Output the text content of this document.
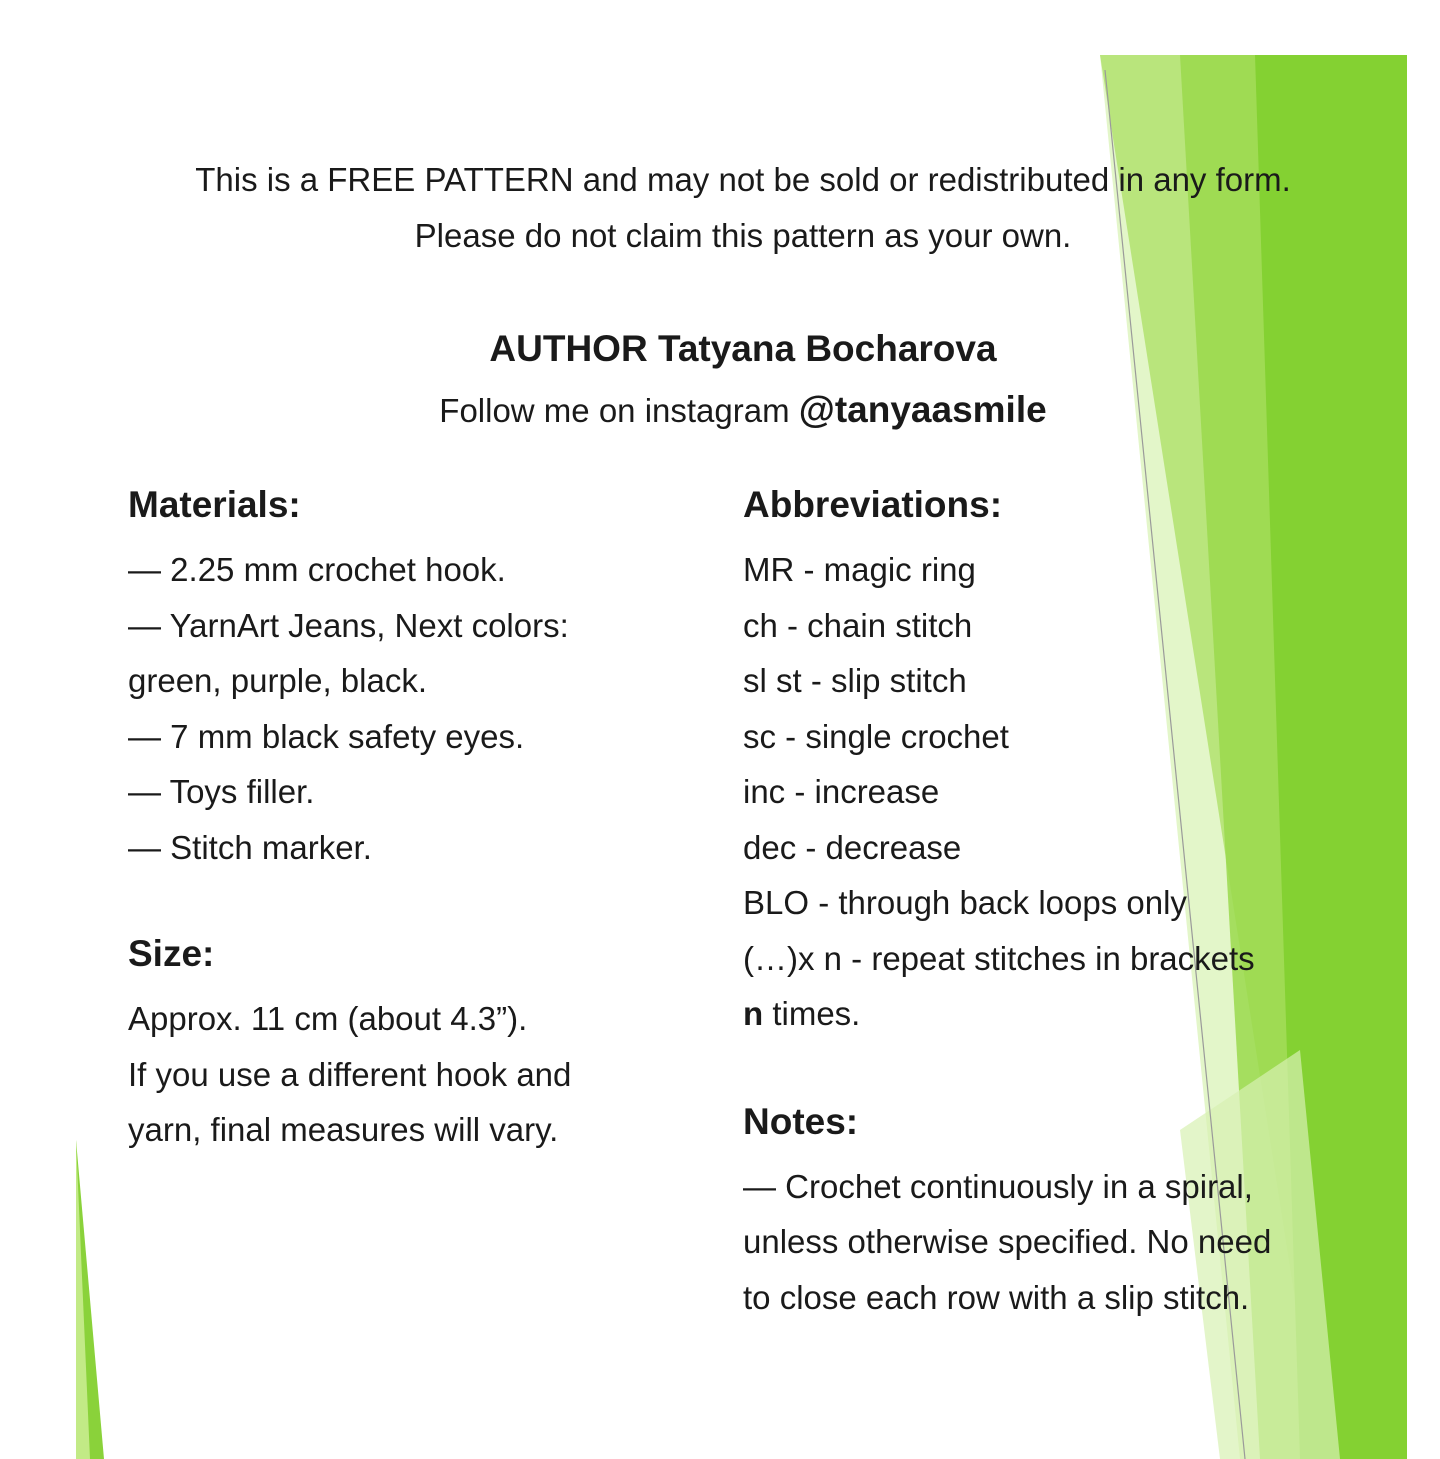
This is a FREE PATTERN and may not be sold or redistributed in any form.
Please do not claim this pattern as your own.
AUTHOR Tatyana Bocharova
Follow me on instagram @tanyaasmile
Materials:
— 2.25 mm crochet hook.
— YarnArt Jeans, Next colors:
green, purple, black.
— 7 mm black safety eyes.
— Toys filler.
— Stitch marker.
Size:
Approx. 11 cm (about 4.3”).
If you use a different hook and
yarn, final measures will vary.
Abbreviations:
MR - magic ring
ch - chain stitch
sl st - slip stitch
sc - single crochet
inc - increase
dec - decrease
BLO - through back loops only
(…)x n - repeat stitches in brackets
n times.
Notes:
— Crochet continuously in a spiral,
unless otherwise specified. No need
to close each row with a slip stitch.
